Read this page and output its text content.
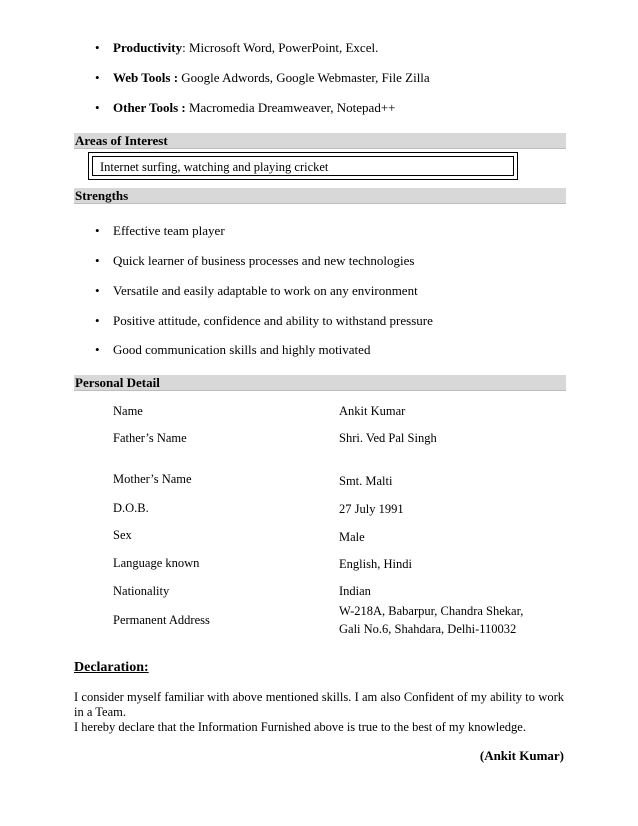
• Productivity: Microsoft Word, PowerPoint, Excel.
• Web Tools : Google Adwords, Google Webmaster, File Zilla
• Other Tools : Macromedia Dreamweaver, Notepad++
Areas of Interest
Internet surfing, watching and playing cricket
Strengths
• Effective team player
• Quick learner of business processes and new technologies
• Versatile and easily adaptable to work on any environment
• Positive attitude, confidence and ability to withstand pressure
• Good communication skills and highly motivated
Personal Detail
Name	Ankit Kumar
Father’s Name	Shri. Ved Pal Singh
Mother’s Name	Smt. Malti
D.O.B.	27 July 1991
Sex	Male
Language known	English, Hindi
Nationality	Indian
Permanent Address
W-218A, Babarpur, Chandra Shekar,
Gali No.6, Shahdara, Delhi-110032
Declaration:
I consider myself familiar with above mentioned skills. I am also Confident of my ability to work in a Team.
I hereby declare that the Information Furnished above is true to the best of my knowledge.
(Ankit Kumar)
